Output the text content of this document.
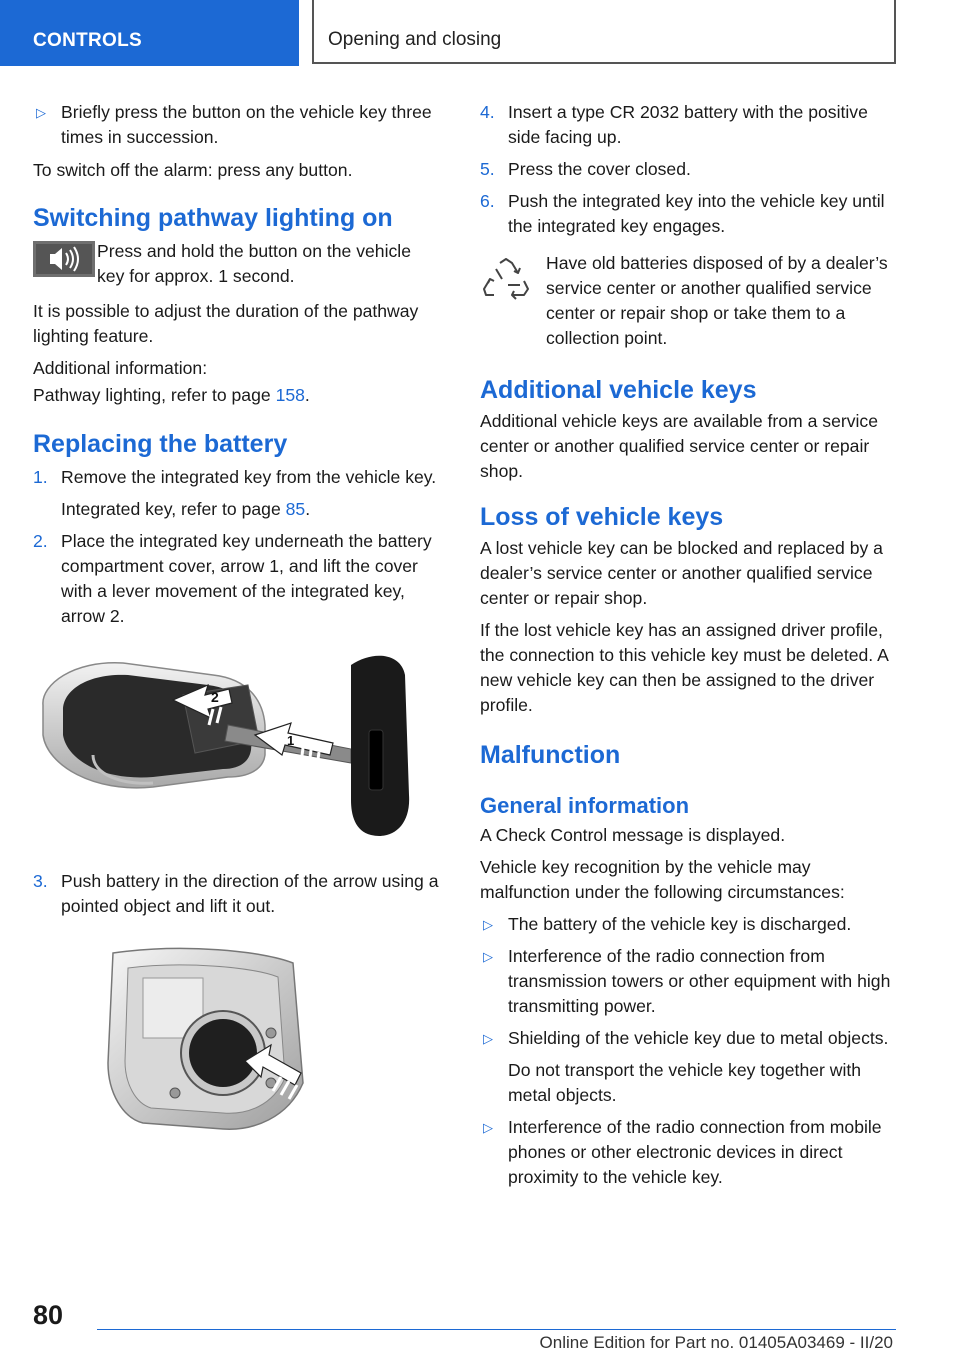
CONTROLS	Opening and closing
▷ Briefly press the button on the vehicle key three times in succession.

To switch off the alarm: press any button.

Switching pathway lighting on
Press and hold the button on the vehicle key for approx. 1 second.

It is possible to adjust the duration of the pathway lighting feature.

Additional information:

Pathway lighting, refer to page 158.

Replacing the battery
1. Remove the integrated key from the vehicle key.
Integrated key, refer to page 85.
2. Place the integrated key underneath the battery compartment cover, arrow 1, and lift the cover with a lever movement of the integrated key, arrow 2.
2
1
3. Push battery in the direction of the arrow using a pointed object and lift it out.
4. Insert a type CR 2032 battery with the positive side facing up.
5. Press the cover closed.
6. Push the integrated key into the vehicle key until the integrated key engages.

Have old batteries disposed of by a dealer’s service center or another qualified service center or repair shop or take them to a collection point.

Additional vehicle keys

Additional vehicle keys are available from a service center or another qualified service center or repair shop.

Loss of vehicle keys

A lost vehicle key can be blocked and replaced by a dealer’s service center or another qualified service center or repair shop.

If the lost vehicle key has an assigned driver profile, the connection to this vehicle key must be deleted. A new vehicle key can then be assigned to the driver profile.

Malfunction
General information

A Check Control message is displayed.

Vehicle key recognition by the vehicle may malfunction under the following circumstances:

▷ The battery of the vehicle key is discharged.
▷ Interference of the radio connection from transmission towers or other equipment with high transmitting power.
▷ Shielding of the vehicle key due to metal objects.
Do not transport the vehicle key together with metal objects.
▷ Interference of the radio connection from mobile phones or other electronic devices in direct proximity to the vehicle key.
80
Online Edition for Part no. 01405A03469 - II/20
